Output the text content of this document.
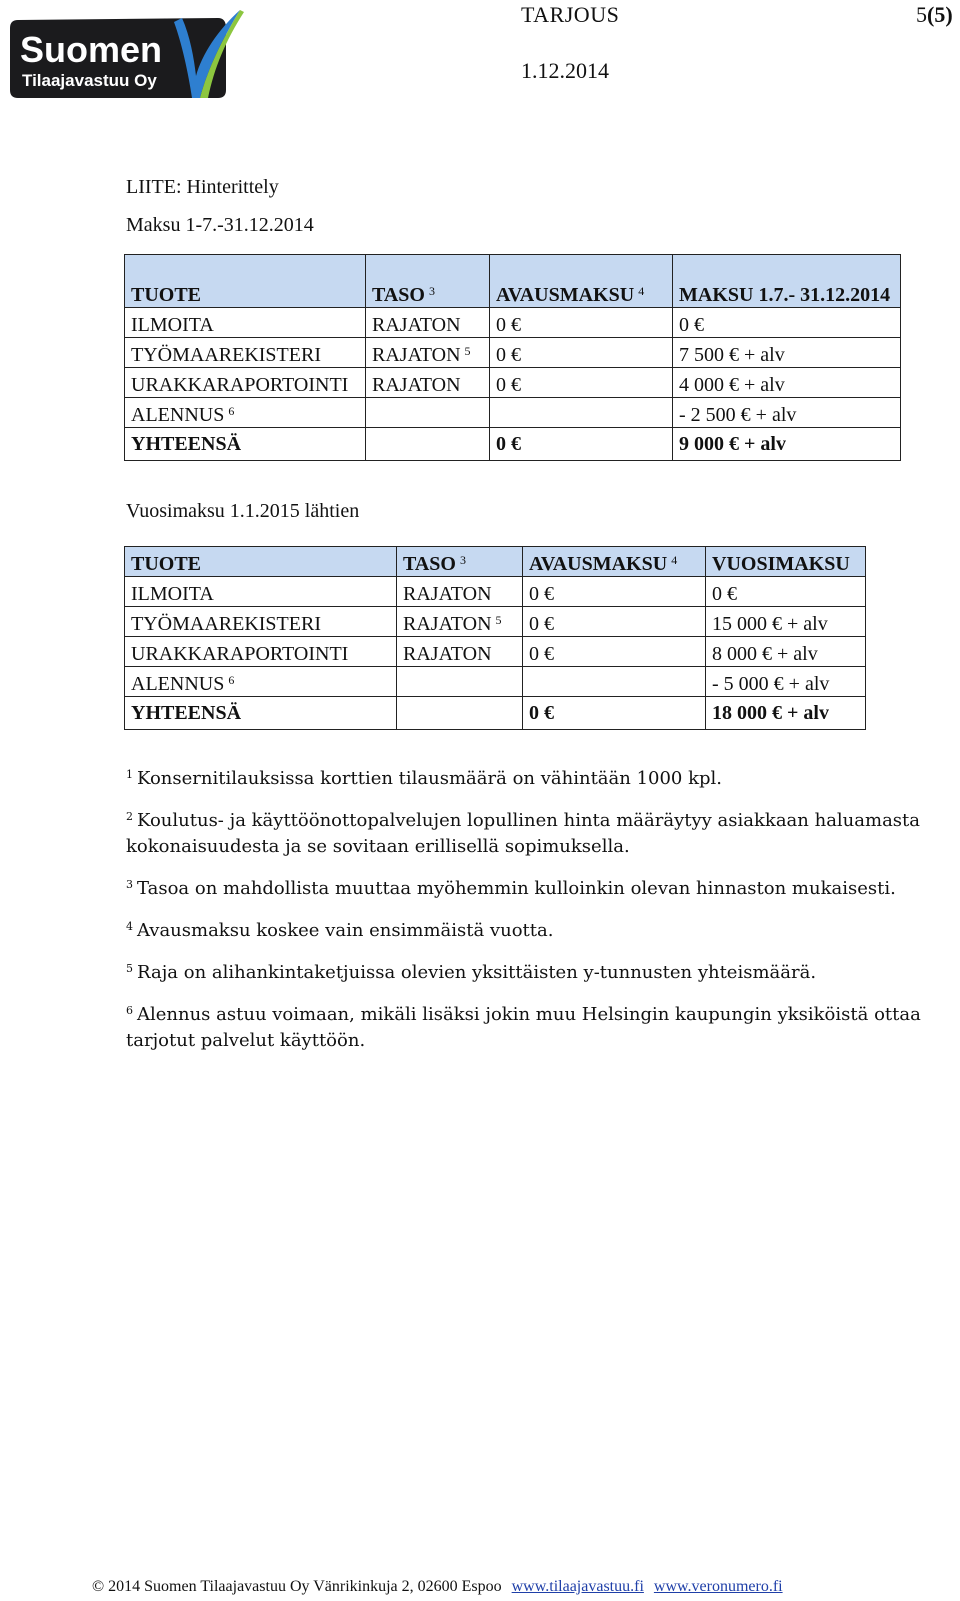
Suomen
Tilaajavastuu Oy
TARJOUS	5(5)
1.12.2014
LIITE: Hinterittely
Maksu 1-7.-31.12.2014
TUOTE	TASO $^3$	AVAUSMAKSU $^4$	MAKSU 1.7.- 31.12.2014
ILMOITA	RAJATON	0 €	0 €
TYÖMAAREKISTERI	RAJATON $^5$	0 €	7 500 € + alv
URAKKARAPORTOINTI	RAJATON	0 €	4 000 € + alv
ALENNUS $^6$			- 2 500 € + alv
YHTEENSÄ		0 €	9 000 € + alv
Vuosimaksu 1.1.2015 lähtien
TUOTE	TASO $^3$	AVAUSMAKSU $^4$	VUOSIMAKSU
ILMOITA	RAJATON	0 €	0 €
TYÖMAAREKISTERI	RAJATON $^5$	0 €	15 000 € + alv
URAKKARAPORTOINTI	RAJATON	0 €	8 000 € + alv
ALENNUS $^6$			- 5 000 € + alv
YHTEENSÄ		0 €	18 000 € + alv

$^1$ Konsernitilauksissa korttien tilausmäärä on vähintään 1000 kpl.

$^2$ Koulutus- ja käyttöönottopalvelujen lopullinen hinta määräytyy asiakkaan haluamasta kokonaisuudesta ja se sovitaan erillisellä sopimuksella.

$^3$ Tasoa on mahdollista muuttaa myöhemmin kulloinkin olevan hinnaston mukaisesti.

$^4$ Avausmaksu koskee vain ensimmäistä vuotta.

$^5$ Raja on alihankintaketjuissa olevien yksittäisten y-tunnusten yhteismäärä.

$^6$ Alennus astuu voimaan, mikäli lisäksi jokin muu Helsingin kaupungin yksiköistä ottaa tarjotut palvelut käyttöön.

© 2014 Suomen Tilaajavastuu Oy Vänrikinkuja 2, 02600 Espoo www.tilaajavastuu.fi www.veronumero.fi
